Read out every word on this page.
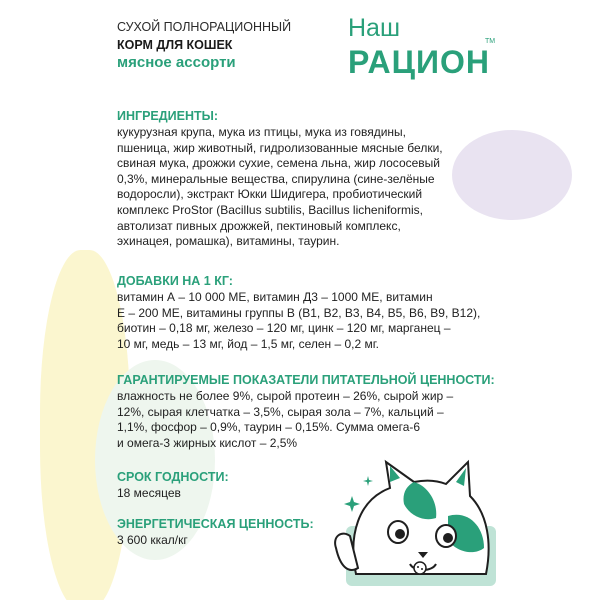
СУХОЙ ПОЛНОРАЦИОННЫЙ
КОРМ ДЛЯ КОШЕК
мясное ассорти
Наш
РАЦИОН
TM
ИНГРЕДИЕНТЫ:
кукурузная крупа, мука из птицы, мука из говядины,
пшеница, жир животный, гидролизованные мясные белки,
свиная мука, дрожжи сухие, семена льна, жир лососевый
0,3%, минеральные вещества, спирулина (сине-зелёные
водоросли), экстракт Юкки Шидигера, пробиотический
комплекс ProStor (Bacillus subtilis, Bacillus licheniformis,
автолизат пивных дрожжей, пектиновый комплекс,
эхинацея, ромашка), витамины, таурин.
ДОБАВКИ НА 1 КГ:
витамин А – 10 000 МЕ, витамин Д3 – 1000 МЕ, витамин
Е – 200 МЕ, витамины группы В (В1, В2, В3, В4, В5, В6, В9, В12),
биотин – 0,18 мг, железо – 120 мг, цинк – 120 мг, марганец –
10 мг, медь – 13 мг, йод – 1,5 мг, селен – 0,2 мг.
ГАРАНТИРУЕМЫЕ ПОКАЗАТЕЛИ ПИТАТЕЛЬНОЙ ЦЕННОСТИ:
влажность не более 9%, сырой протеин – 26%, сырой жир –
12%, сырая клетчатка – 3,5%, сырая зола – 7%, кальций –
1,1%, фосфор – 0,9%, таурин – 0,15%. Сумма омега-6
и омега-3 жирных кислот – 2,5%
СРОК ГОДНОСТИ:
18 месяцев
ЭНЕРГЕТИЧЕСКАЯ ЦЕННОСТЬ:
3 600 ккал/кг
